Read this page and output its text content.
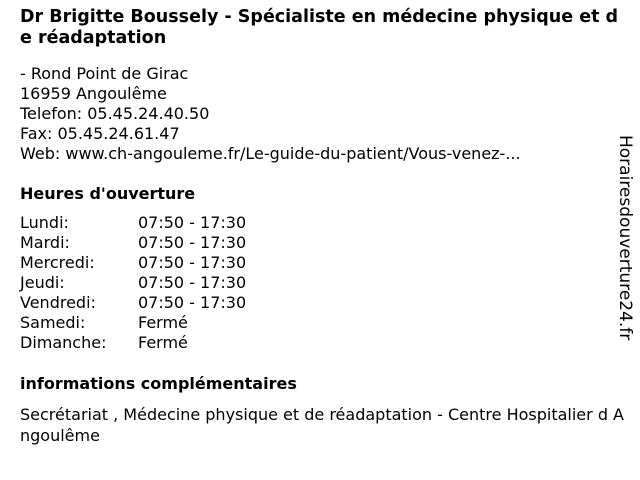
Dr Brigitte Boussely - Spécialiste en médecine physique et de réadaptation
- Rond Point de Girac
16959 Angoulême
Telefon: 05.45.24.40.50
Fax: 05.45.24.61.47
Web: www.ch-angouleme.fr/Le-guide-du-patient/Vous-venez-...
Heures d'ouverture
Lundi:	07:50 - 17:30
Mardi:	07:50 - 17:30
Mercredi:	07:50 - 17:30
Jeudi:	07:50 - 17:30
Vendredi:	07:50 - 17:30
Samedi:	Fermé
Dimanche:	Fermé
informations complémentaires
Secrétariat , Médecine physique et de réadaptation - Centre Hospitalier d Angoulême
Horairesdouverture24.fr
